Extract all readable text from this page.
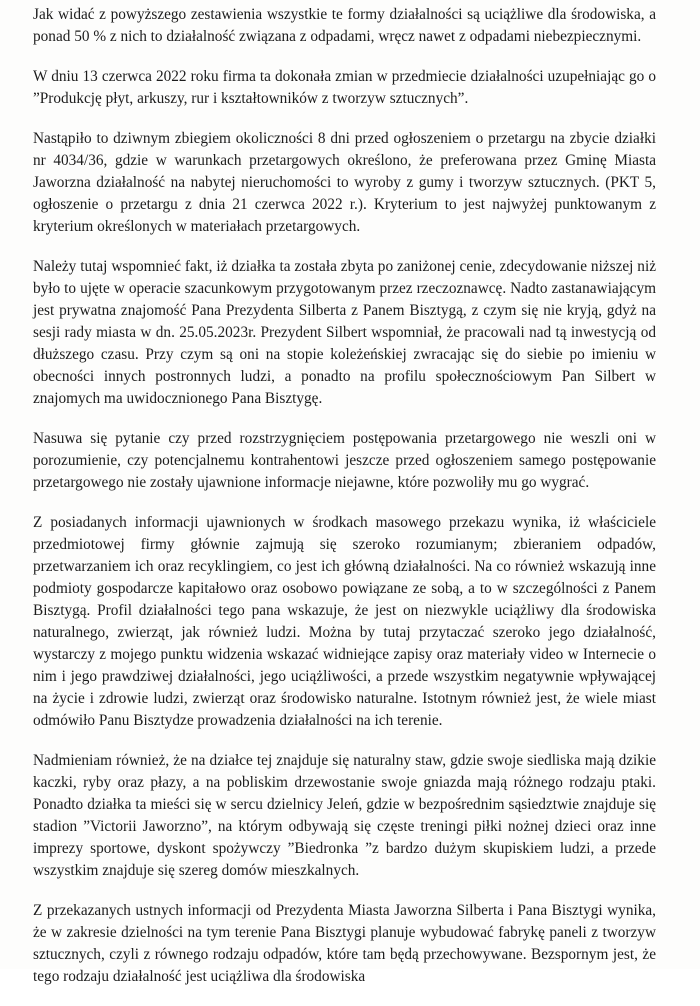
Jak widać z powyższego zestawienia wszystkie te formy działalności są uciążliwe dla środowiska, a ponad 50 % z nich to działalność związana z odpadami, wręcz nawet z odpadami niebezpiecznymi.

W dniu 13 czerwca 2022 roku firma ta dokonała zmian w przedmiecie działalności uzupełniając go o ”Produkcję płyt, arkuszy, rur i kształtowników z tworzyw sztucznych”.

Nastąpiło to dziwnym zbiegiem okoliczności 8 dni przed ogłoszeniem o przetargu na zbycie działki nr 4034/36, gdzie w warunkach przetargowych określono, że preferowana przez Gminę Miasta Jaworzna działalność na nabytej nieruchomości to wyroby z gumy i tworzyw sztucznych. (PKT 5, ogłoszenie o przetargu z dnia 21 czerwca 2022 r.). Kryterium to jest najwyżej punktowanym z kryterium określonych w materiałach przetargowych.

Należy tutaj wspomnieć fakt, iż działka ta została zbyta po zaniżonej cenie, zdecydowanie niższej niż było to ujęte w operacie szacunkowym przygotowanym przez rzeczoznawcę. Nadto zastanawiającym jest prywatna znajomość Pana Prezydenta Silberta z Panem Bisztygą, z czym się nie kryją, gdyż na sesji rady miasta w dn. 25.05.2023r. Prezydent Silbert wspomniał, że pracowali nad tą inwestycją od dłuższego czasu. Przy czym są oni na stopie koleżeńskiej zwracając się do siebie po imieniu w obecności innych postronnych ludzi, a ponadto na profilu społecznościowym Pan Silbert w znajomych ma uwidocznionego Pana Bisztygę.

Nasuwa się pytanie czy przed rozstrzygnięciem postępowania przetargowego nie weszli oni w porozumienie, czy potencjalnemu kontrahentowi jeszcze przed ogłoszeniem samego postępowanie przetargowego nie zostały ujawnione informacje niejawne, które pozwoliły mu go wygrać.

Z posiadanych informacji ujawnionych w środkach masowego przekazu wynika, iż właściciele przedmiotowej firmy głównie zajmują się szeroko rozumianym; zbieraniem odpadów, przetwarzaniem ich oraz recyklingiem, co jest ich główną działalności. Na co również wskazują inne podmioty gospodarcze kapitałowo oraz osobowo powiązane ze sobą, a to w szczególności z Panem Bisztygą. Profil działalności tego pana wskazuje, że jest on niezwykle uciążliwy dla środowiska naturalnego, zwierząt, jak również ludzi. Można by tutaj przytaczać szeroko jego działalność, wystarczy z mojego punktu widzenia wskazać widniejące zapisy oraz materiały video w Internecie o nim i jego prawdziwej działalności, jego uciążliwości, a przede wszystkim negatywnie wpływającej na życie i zdrowie ludzi, zwierząt oraz środowisko naturalne. Istotnym również jest, że wiele miast odmówiło Panu Bisztydze prowadzenia działalności na ich terenie.

Nadmieniam również, że na działce tej znajduje się naturalny staw, gdzie swoje siedliska mają dzikie kaczki, ryby oraz płazy, a na pobliskim drzewostanie swoje gniazda mają różnego rodzaju ptaki. Ponadto działka ta mieści się w sercu dzielnicy Jeleń, gdzie w bezpośrednim sąsiedztwie znajduje się stadion ”Victorii Jaworzno”, na którym odbywają się częste treningi piłki nożnej dzieci oraz inne imprezy sportowe, dyskont spożywczy ”Biedronka ”z bardzo dużym skupiskiem ludzi, a przede wszystkim znajduje się szereg domów mieszkalnych.

Z przekazanych ustnych informacji od Prezydenta Miasta Jaworzna Silberta i Pana Bisztygi wynika, że w zakresie dzielności na tym terenie Pana Bisztygi planuje wybudować fabrykę paneli z tworzyw sztucznych, czyli z równego rodzaju odpadów, które tam będą przechowywane. Bezspornym jest, że tego rodzaju działalność jest uciążliwa dla środowiska
